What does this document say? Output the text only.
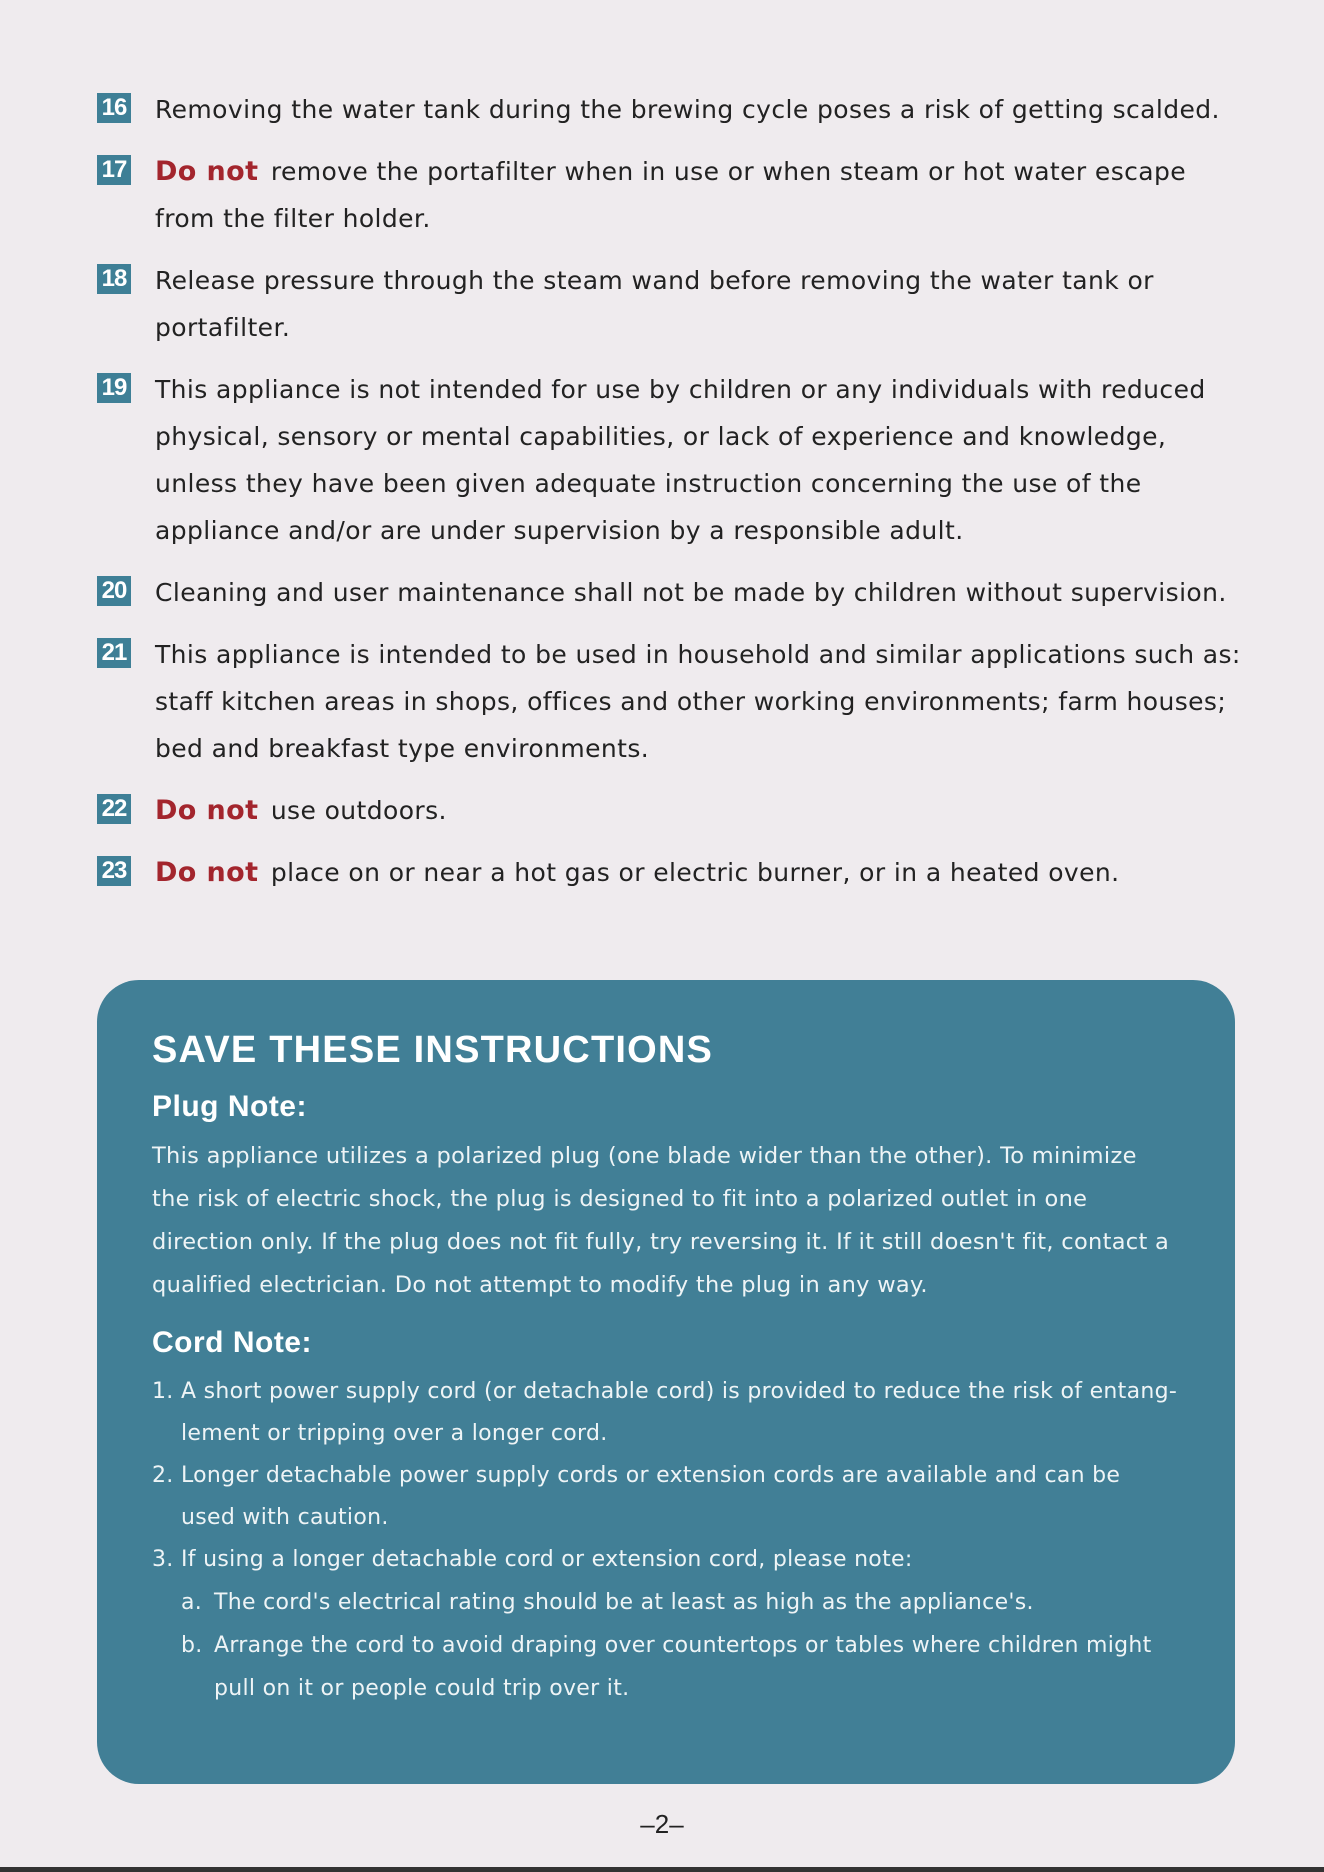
16 Removing the water tank during the brewing cycle poses a risk of getting scalded.
17 Do not remove the portafilter when in use or when steam or hot water escape from the filter holder.
18 Release pressure through the steam wand before removing the water tank or portafilter.
19 This appliance is not intended for use by children or any individuals with reduced physical, sensory or mental capabilities, or lack of experience and knowledge, unless they have been given adequate instruction concerning the use of the appliance and/or are under supervision by a responsible adult.
20 Cleaning and user maintenance shall not be made by children without supervision.
21 This appliance is intended to be used in household and similar applications such as: staff kitchen areas in shops, offices and other working environments; farm houses; bed and breakfast type environments.
22 Do not use outdoors.
23 Do not place on or near a hot gas or electric burner, or in a heated oven.
SAVE THESE INSTRUCTIONS
Plug Note:

This appliance utilizes a polarized plug (one blade wider than the other). To minimize the risk of electric shock, the plug is designed to fit into a polarized outlet in one direction only. If the plug does not fit fully, try reversing it. If it still doesn't fit, contact a qualified electrician. Do not attempt to modify the plug in any way.

Cord Note:
1. A short power supply cord (or detachable cord) is provided to reduce the risk of entang-lement or tripping over a longer cord.
2. Longer detachable power supply cords or extension cords are available and can be used with caution.
3. If using a longer detachable cord or extension cord, please note:
a. The cord's electrical rating should be at least as high as the appliance's.
b. Arrange the cord to avoid draping over countertops or tables where children might pull on it or people could trip over it.
–2–
